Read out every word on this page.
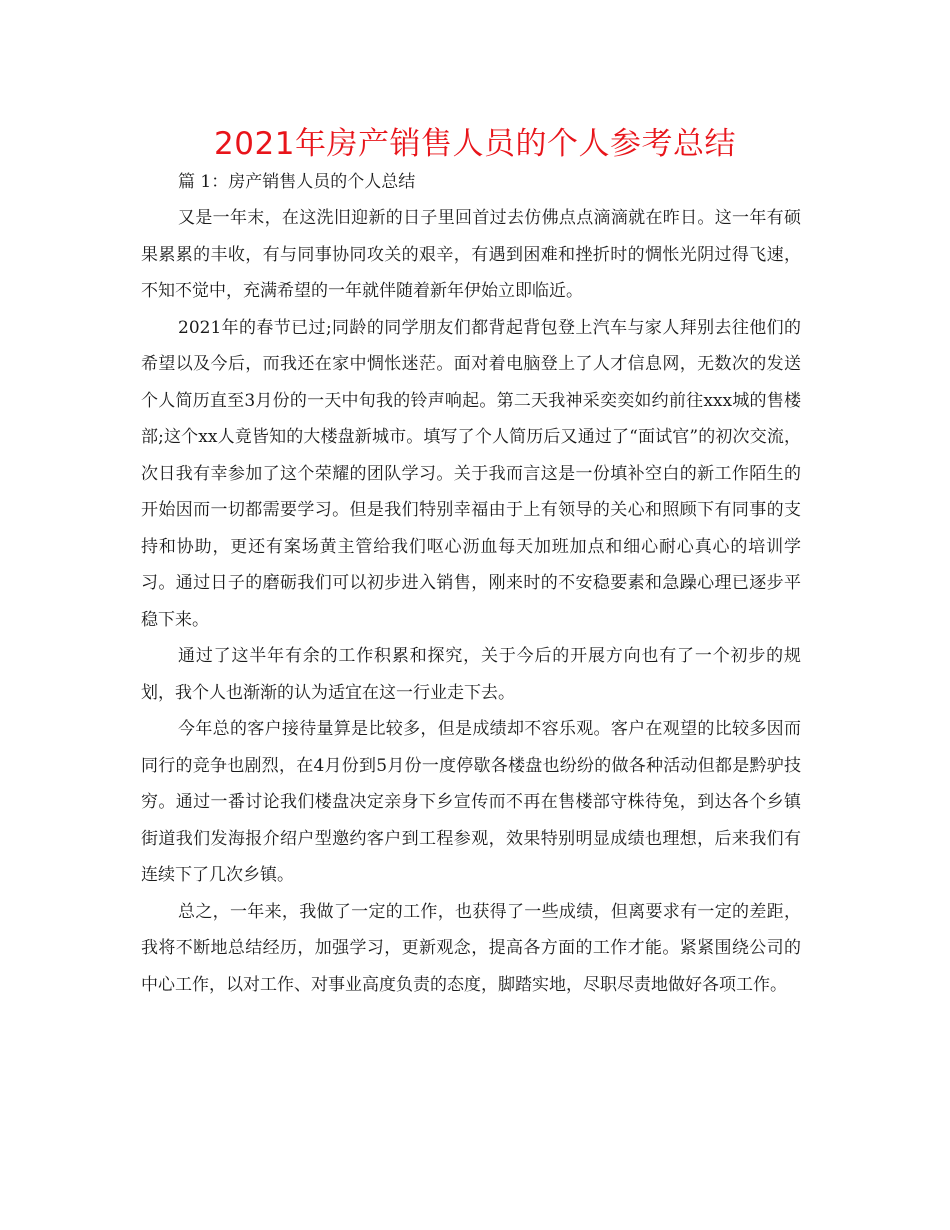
2021年房产销售人员的个人参考总结

篇 1：房产销售人员的个人总结

又是一年末，在这洗旧迎新的日子里回首过去仿佛点点滴滴就在昨日。这一年有硕果累累的丰收，有与同事协同攻关的艰辛，有遇到困难和挫折时的惆怅光阴过得飞速，不知不觉中，充满希望的一年就伴随着新年伊始立即临近。

2021年的春节已过;同龄的同学朋友们都背起背包登上汽车与家人拜别去往他们的希望以及今后，而我还在家中惆怅迷茫。面对着电脑登上了人才信息网，无数次的发送个人简历直至3月份的一天中旬我的铃声响起。第二天我神采奕奕如约前往xxx城的售楼部;这个xx人竟皆知的大楼盘新城市。填写了个人简历后又通过了“面试官”的初次交流，次日我有幸参加了这个荣耀的团队学习。关于我而言这是一份填补空白的新工作陌生的开始因而一切都需要学习。但是我们特别幸福由于上有领导的关心和照顾下有同事的支持和协助，更还有案场黄主管给我们呕心沥血每天加班加点和细心耐心真心的培训学习。通过日子的磨砺我们可以初步进入销售，刚来时的不安稳要素和急躁心理已逐步平稳下来。

通过了这半年有余的工作积累和探究，关于今后的开展方向也有了一个初步的规划，我个人也渐渐的认为适宜在这一行业走下去。

今年总的客户接待量算是比较多，但是成绩却不容乐观。客户在观望的比较多因而同行的竞争也剧烈，在4月份到5月份一度停歇各楼盘也纷纷的做各种活动但都是黔驴技穷。通过一番讨论我们楼盘决定亲身下乡宣传而不再在售楼部守株待兔，到达各个乡镇街道我们发海报介绍户型邀约客户到工程参观，效果特别明显成绩也理想，后来我们有连续下了几次乡镇。

总之，一年来，我做了一定的工作，也获得了一些成绩，但离要求有一定的差距，我将不断地总结经历，加强学习，更新观念，提高各方面的工作才能。紧紧围绕公司的中心工作，以对工作、对事业高度负责的态度，脚踏实地，尽职尽责地做好各项工作。
